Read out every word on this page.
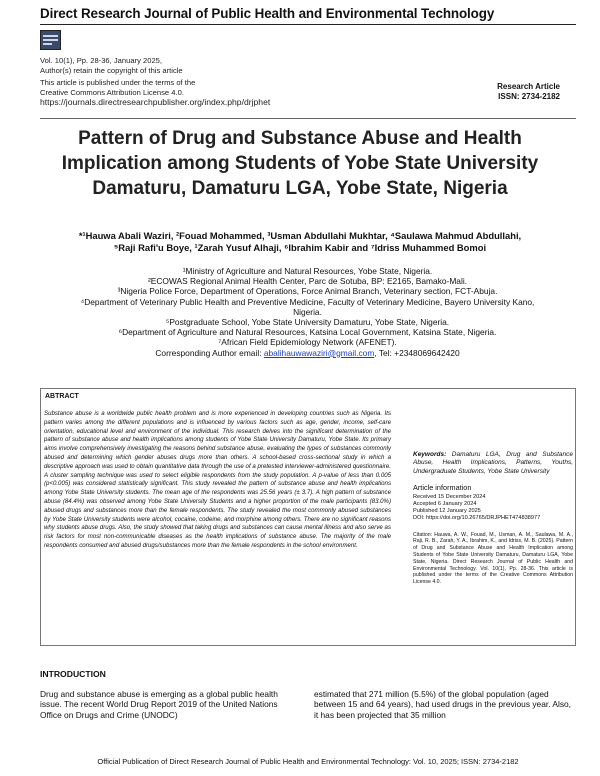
Direct Research Journal of Public Health and Environmental Technology
Vol. 10(1), Pp. 28-36, January 2025,
Author(s) retain the copyright of this article
This article is published under the terms of the
Creative Commons Attribution License 4.0.
https://journals.directresearchpublisher.org/index.php/drjphet
Research Article
ISSN: 2734-2182
Pattern of Drug and Substance Abuse and Health
Implication among Students of Yobe State University
Damaturu, Damaturu LGA, Yobe State, Nigeria
*¹Hauwa Abali Waziri, ²Fouad Mohammed, ³Usman Abdullahi Mukhtar, ⁴Saulawa Mahmud Abdullahi,
⁵Raji Rafi'u Boye, ¹Zarah Yusuf Alhaji, ⁶Ibrahim Kabir and ⁷Idriss Muhammed Bomoi
¹Ministry of Agriculture and Natural Resources, Yobe State, Nigeria.
²ECOWAS Regional Animal Health Center, Parc de Sotuba, BP: E2165, Bamako-Mali.
³Nigeria Police Force, Department of Operations, Force Animal Branch, Veterinary section, FCT-Abuja.
⁴Department of Veterinary Public Health and Preventive Medicine, Faculty of Veterinary Medicine, Bayero University Kano, Nigeria.
⁵Postgraduate School, Yobe State University Damaturu, Yobe State, Nigeria.
⁶Department of Agriculture and Natural Resources, Katsina Local Government, Katsina State, Nigeria.
⁷African Field Epidemiology Network (AFENET).
Corresponding Author email: abalihauwawaziri@gmail.com, Tel: +2348069642420
ABTRACT
Substance abuse is a worldwide public health problem and is more experienced in developing countries such as Nigeria. Its pattern varies among the different populations and is influenced by various factors such as age, gender, income, self-care orientation, educational level and environment of the individual. This research delves into the significant determination of the pattern of substance abuse and health implications among students of Yobe State University Damaturu, Yobe State. Its primary aims involve comprehensively investigating the reasons behind substance abuse, evaluating the types of substances commonly abused and determining which gender abuses drugs more than others. A school-based cross-sectional study in which a descriptive approach was used to obtain quantitative data through the use of a pretested interviewer-administered questionnaire. A cluster sampling technique was used to select eligible respondents from the study population. A p-value of less than 0.005 (p<0.005) was considered statistically significant. This study revealed the pattern of substance abuse and health implications among Yobe State University students. The mean age of the respondents was 25.56 years (± 3.7). A high pattern of substance abuse (84.4%) was observed among Yobe State University Students and a higher proportion of the male participants (83.0%) abused drugs and substances more than the female respondents. The study revealed the most commonly abused substances by Yobe State University students were alcohol, cocaine, codeine, and morphine among others. There are no significant reasons why students abuse drugs. Also, the study showed that taking drugs and substances can cause mental illness and also serve as risk factors for most non-communicable diseases as the health implications of substance abuse. The majority of the male respondents consumed and abused drugs/substances more than the female respondents in the school environment.
Keywords: Damaturu LGA, Drug and Substance Abuse, Health Implications, Patterns, Youths, Undergraduate Students, Yobe State University
Article information
Received 15 December 2024
Accepted 6 January 2024
Published 12 January 2025
DOI: https://doi.org/10.26765/DRJPHET474838977
Citation: Hauwa, A. W., Fouad, M., Usman, A. M., Saulawa, M. A., Raji, R. B., Zarah, Y. A., Ibrahim, K., and Idriss, M. B. (2025). Pattern of Drug and Substance Abuse and Health Implication among Students of Yobe State University Damaturu, Damaturu LGA, Yobe State, Nigeria. Direct Research Journal of Public Health and Environmental Technology. Vol. 10(1), Pp. 28-36. This article is published under the terms of the Creative Commons Attribution License 4.0.
INTRODUCTION
Drug and substance abuse is emerging as a global public health issue. The recent World Drug Report 2019 of the United Nations Office on Drugs and Crime (UNODC)
estimated that 271 million (5.5%) of the global population (aged between 15 and 64 years), had used drugs in the previous year. Also, it has been projected that 35 million
Official Publication of Direct Research Journal of Public Health and Environmental Technology: Vol. 10, 2025; ISSN: 2734-2182
